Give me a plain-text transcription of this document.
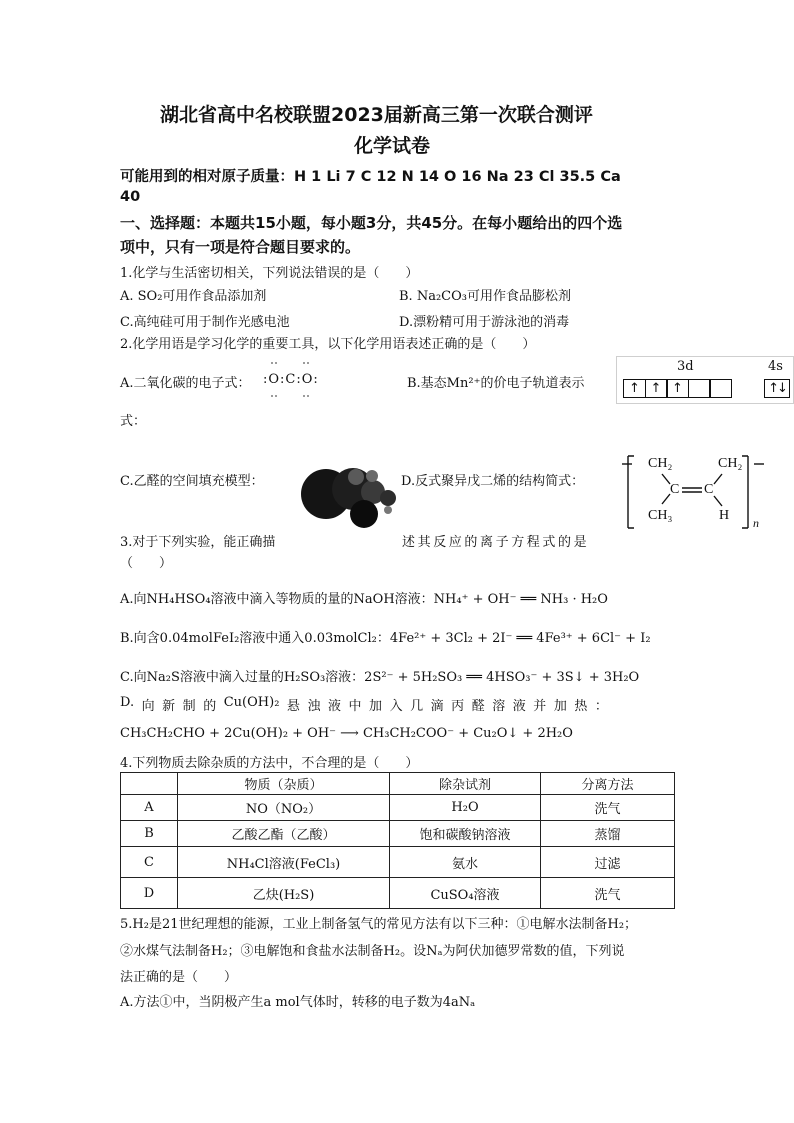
湖北省高中名校联盟2023届新高三第一次联合测评
化学试卷
可能用到的相对原子质量：H 1 Li 7 C 12 N 14 O 16 Na 23 Cl 35.5 Ca
40
一、选择题：本题共15小题，每小题3分，共45分。在每小题给出的四个选
项中，只有一项是符合题目要求的。
1.化学与生活密切相关，下列说法错误的是（　　）
A. SO₂可用作食品添加剂	B. Na₂CO₃可用作食品膨松剂
C.高纯硅可用于制作光感电池	D.漂粉精可用于游泳池的消毒
2.化学用语是学习化学的重要工具，以下化学用语表述正确的是（　　）
A.二氧化碳的电子式： :O:C:O:	B.基态Mn²⁺的价电子轨道表示
3d	4s
↑ ↑ ↑	↑↓
式：
C.乙醛的空间填充模型：	D.反式聚异戊二烯的结构简式：
CH₂	CH₂
C C
CH₃	H n
3.对于下列实验，能正确描	述其反应的离子方程式的是
（　　）
A.向NH₄HSO₄溶液中滴入等物质的量的NaOH溶液：NH₄⁺ + OH⁻ ══ NH₃ · H₂O
B.向含0.04molFeI₂溶液中通入0.03molCl₂：4Fe²⁺ + 3Cl₂ + 2I⁻ ══ 4Fe³⁺ + 6Cl⁻ + I₂
C.向Na₂S溶液中滴入过量的H₂SO₃溶液：2S²⁻ + 5H₂SO₃ ══ 4HSO₃⁻ + 3S↓ + 3H₂O
D. 向 新 制 的 Cu(OH)₂ 悬 浊 液 中 加 入 几 滴 丙 醛 溶 液 并 加 热 ：
CH₃CH₂CHO + 2Cu(OH)₂ + OH⁻ ⟶ CH₃CH₂COO⁻ + Cu₂O↓ + 2H₂O
4.下列物质去除杂质的方法中，不合理的是（　　）
	物质（杂质）	除杂试剂	分离方法
A	NO（NO₂）	H₂O	洗气
B	乙酸乙酯（乙酸）	饱和碳酸钠溶液	蒸馏
C	NH₄Cl溶液(FeCl₃)	氨水	过滤
D	乙炔(H₂S)	CuSO₄溶液	洗气
5.H₂是21世纪理想的能源，工业上制备氢气的常见方法有以下三种：①电解水法制备H₂；
②水煤气法制备H₂；③电解饱和食盐水法制备H₂。设Nₐ为阿伏加德罗常数的值，下列说
法正确的是（　　）
A.方法①中，当阴极产生a mol气体时，转移的电子数为4aNₐ
